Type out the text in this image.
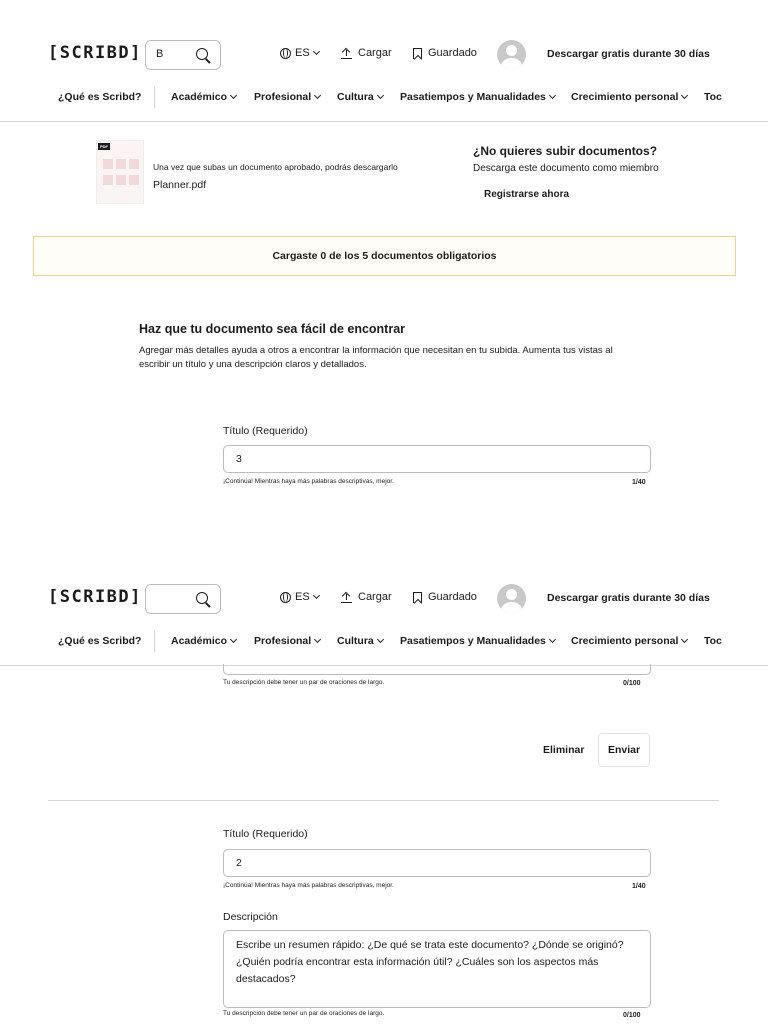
[SCRIBD] B	ES	Cargar	Guardado	Descargar gratis durante 30 días
¿Qué es Scribd?	Académico	Profesional	Cultura	Pasatiempos y Manualidades	Crecimiento personal	Toc
PDF
Una vez que subas un documento aprobado, podrás descargarlo
Planner.pdf
¿No quieres subir documentos?
Descarga este documento como miembro
Registrarse ahora
Cargaste 0 de los 5 documentos obligatorios
Haz que tu documento sea fácil de encontrar
Agregar más detalles ayuda a otros a encontrar la información que necesitan en tu subida. Aumenta tus vistas al escribir un título y una descripción claros y detallados.
Título (Requerido)
3
¡Continúa! Mientras haya más palabras descriptivas, mejor.	1/40
[SCRIBD]	ES	Cargar	Guardado	Descargar gratis durante 30 días
¿Qué es Scribd?	Académico	Profesional	Cultura	Pasatiempos y Manualidades	Crecimiento personal	Toc
Tu descripción debe tener un par de oraciones de largo.	0/100
Eliminar	Enviar
Título (Requerido)
2
¡Continúa! Mientras haya más palabras descriptivas, mejor.	1/40
Descripción
Escribe un resumen rápido: ¿De qué se trata este documento? ¿Dónde se originó? ¿Quién podría encontrar esta información útil? ¿Cuáles son los aspectos más destacados?
Tu descripción debe tener un par de oraciones de largo.	0/100
